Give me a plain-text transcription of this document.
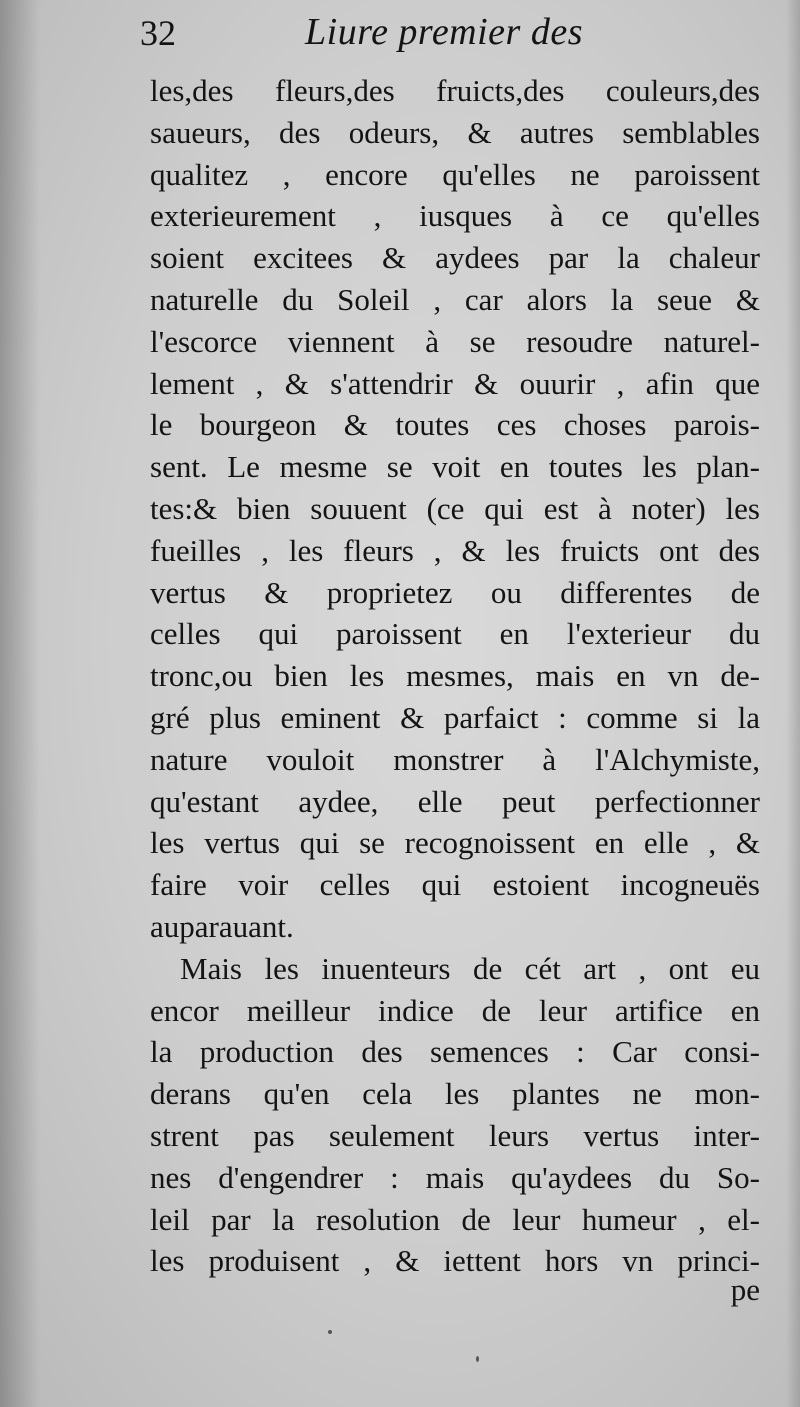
32	Liure premier des
les,des fleurs,des fruicts,des couleurs,des
saueurs, des odeurs, & autres semblables
qualitez , encore qu'elles ne paroissent
exterieurement , iusques à ce qu'elles
soient excitees & aydees par la chaleur
naturelle du Soleil , car alors la seue &
l'escorce viennent à se resoudre naturel-
lement , & s'attendrir & ouurir , afin que
le bourgeon & toutes ces choses parois-
sent. Le mesme se voit en toutes les plan-
tes:& bien souuent (ce qui est à noter) les
fueilles , les fleurs , & les fruicts ont des
vertus & proprietez ou differentes de
celles qui paroissent en l'exterieur du
tronc,ou bien les mesmes, mais en vn de-
gré plus eminent & parfaict : comme si la
nature vouloit monstrer à l'Alchymiste,
qu'estant aydee, elle peut perfectionner
les vertus qui se recognoissent en elle , &
faire voir celles qui estoient incogneuës
auparauant.
Mais les inuenteurs de cét art , ont eu
encor meilleur indice de leur artifice en
la production des semences : Car consi-
derans qu'en cela les plantes ne mon-
strent pas seulement leurs vertus inter-
nes d'engendrer : mais qu'aydees du So-
leil par la resolution de leur humeur , el-
les produisent , & iettent hors vn princi-
pe
